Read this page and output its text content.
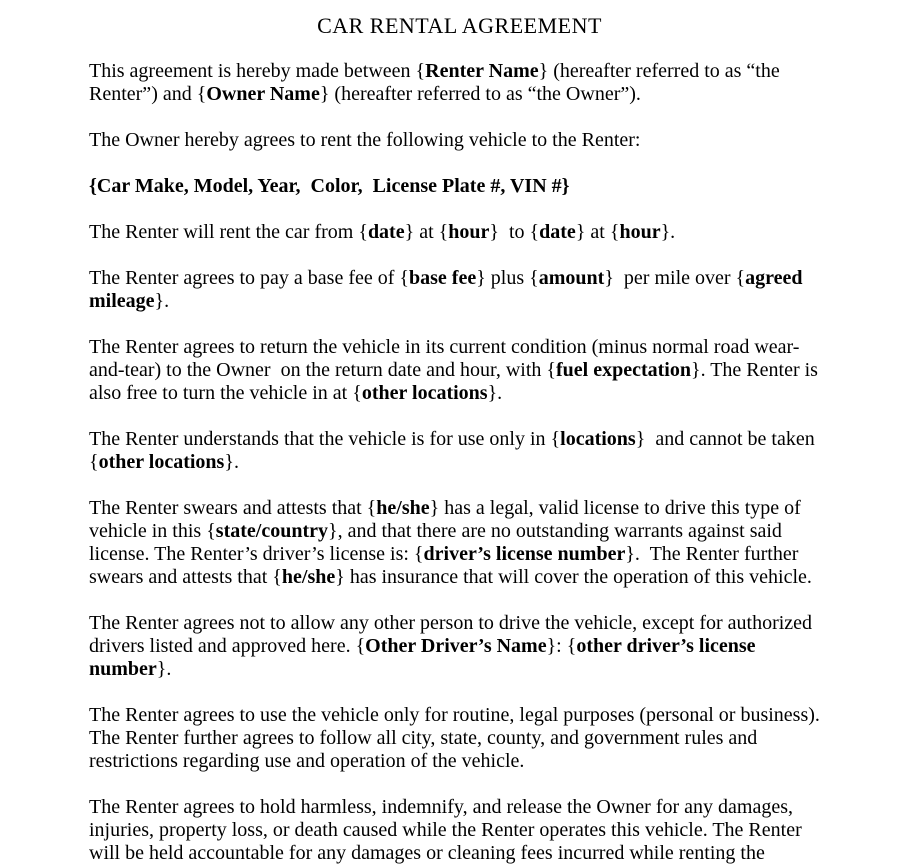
CAR RENTAL AGREEMENT

This agreement is hereby made between {Renter Name} (hereafter referred to as “the Renter”) and {Owner Name} (hereafter referred to as “the Owner”).

The Owner hereby agrees to rent the following vehicle to the Renter:

{Car Make, Model, Year,  Color,  License Plate #, VIN #}

The Renter will rent the car from {date} at {hour}  to {date} at {hour}.

The Renter agrees to pay a base fee of {base fee} plus {amount}  per mile over {agreed mileage}.

The Renter agrees to return the vehicle in its current condition (minus normal road wear-and-tear) to the Owner  on the return date and hour, with {fuel expectation}. The Renter is also free to turn the vehicle in at {other locations}.

The Renter understands that the vehicle is for use only in {locations}  and cannot be taken {other locations}.

The Renter swears and attests that {he/she} has a legal, valid license to drive this type of vehicle in this {state/country}, and that there are no outstanding warrants against said license. The Renter’s driver’s license is: {driver’s license number}.  The Renter further swears and attests that {he/she} has insurance that will cover the operation of this vehicle.

The Renter agrees not to allow any other person to drive the vehicle, except for authorized drivers listed and approved here. {Other Driver’s Name}: {other driver’s license number}.

The Renter agrees to use the vehicle only for routine, legal purposes (personal or business). The Renter further agrees to follow all city, state, county, and government rules and restrictions regarding use and operation of the vehicle.

The Renter agrees to hold harmless, indemnify, and release the Owner for any damages, injuries, property loss, or death caused while the Renter operates this vehicle. The Renter will be held accountable for any damages or cleaning fees incurred while renting the
